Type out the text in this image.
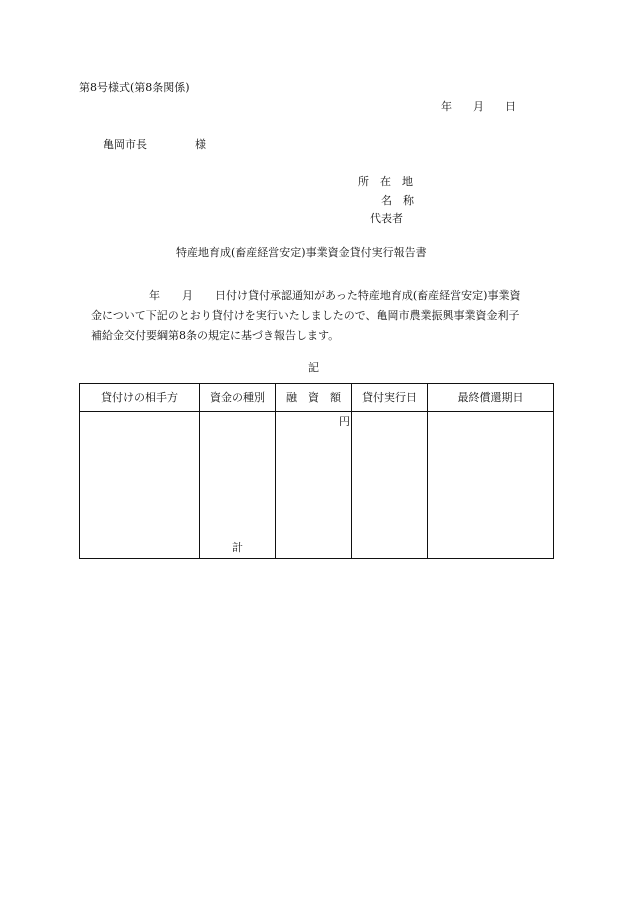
第8号様式(第8条関係)
年 月 日
亀岡市長	様
所　在　地
名　称
代表者
特産地育成(畜産経営安定)事業資金貸付実行報告書
年 月 日付け貸付承認通知があった特産地育成(畜産経営安定)事業資
金について下記のとおり貸付けを実行いたしましたので、亀岡市農業振興事業資金利子
補給金交付要綱第8条の規定に基づき報告します。
記
貸付けの相手方	資金の種別	融　資　額	貸付実行日	最終償還期日

	計	円		
